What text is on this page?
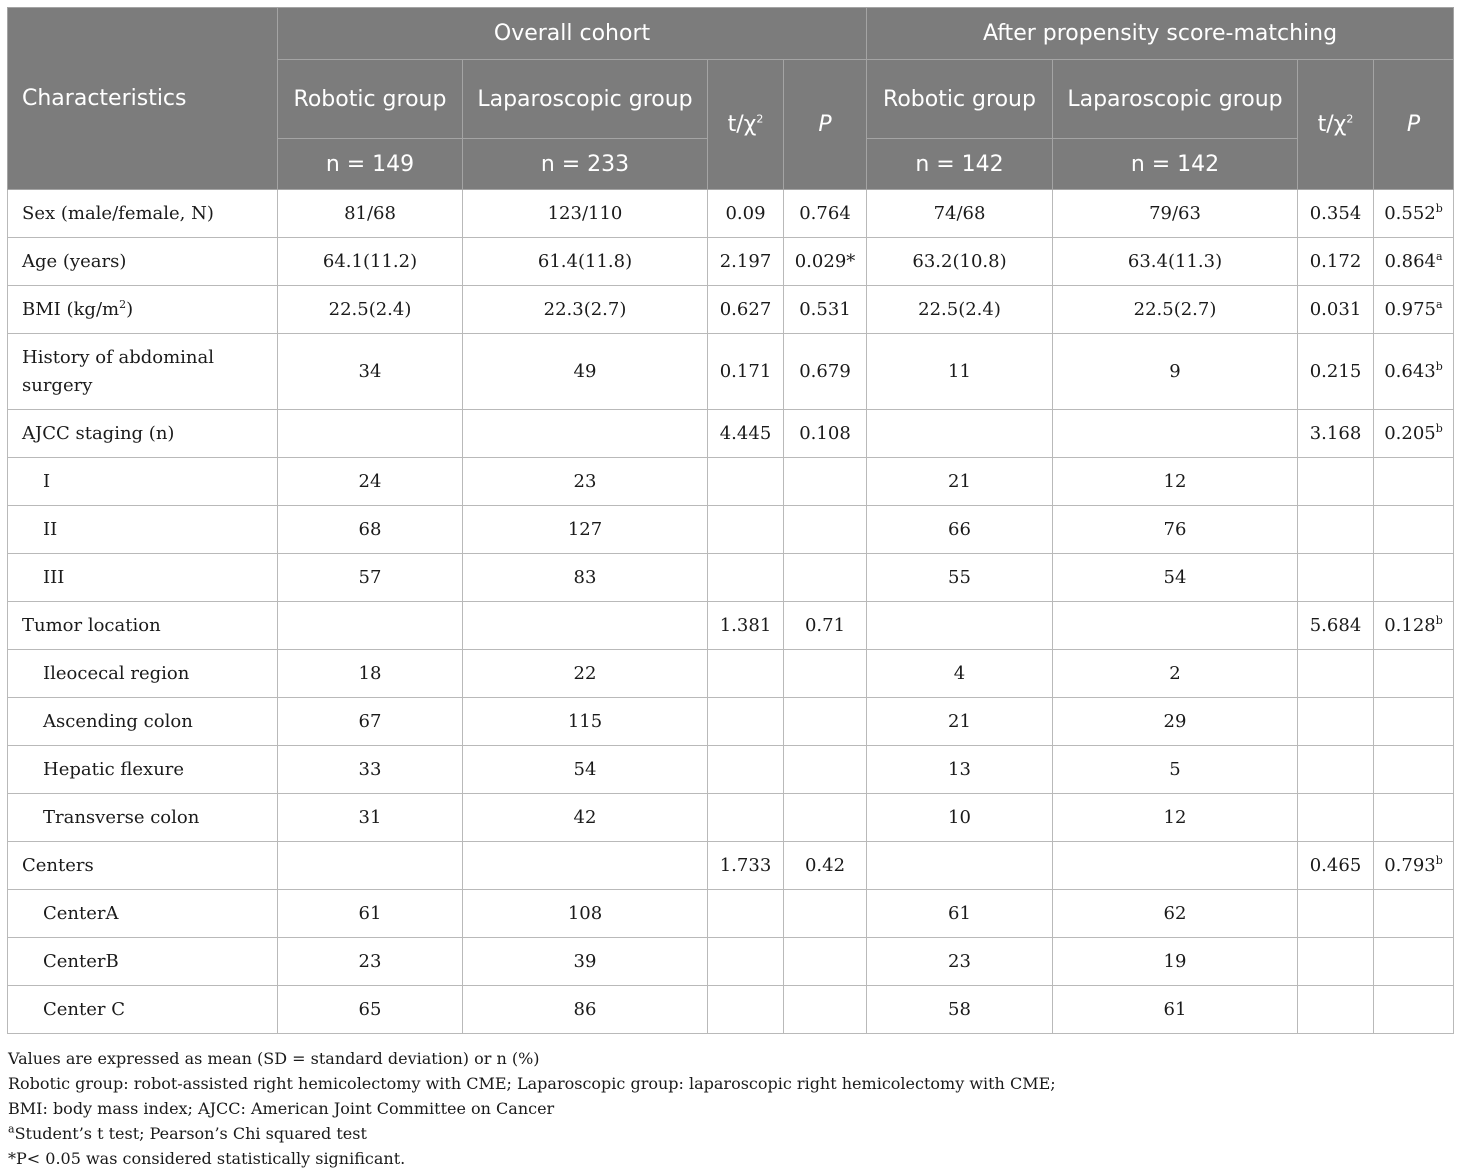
Characteristics	Overall cohort				After propensity score-matching			
	Robotic group	Laparoscopic group	$t/\chi^2$	P	Robotic group	Laparoscopic group	$t/\chi^2$	P
	n = 149	n = 233			n = 142	n = 142		
Sex (male/female, N)	81/68	123/110	0.09	0.764	74/68	79/63	0.354	0.552$^b$
Age (years)	64.1(11.2)	61.4(11.8)	2.197	0.029*	63.2(10.8)	63.4(11.3)	0.172	0.864$^a$
BMI $(kg/m^2)$	22.5(2.4)	22.3(2.7)	0.627	0.531	22.5(2.4)	22.5(2.7)	0.031	0.975$^a$
History of abdominal surgery	34	49	0.171	0.679	11	9	0.215	0.643$^b$
AJCC staging (n)			4.445	0.108			3.168	0.205$^b$
I	24	23			21	12		
II	68	127			66	76		
III	57	83			55	54		
Tumor location			1.381	0.71			5.684	0.128$^b$
Ileocecal region	18	22			4	2		
Ascending colon	67	115			21	29		
Hepatic flexure	33	54			13	5		
Transverse colon	31	42			10	12		
Centers			1.733	0.42			0.465	0.793$^b$
CenterA	61	108			61	62		
CenterB	23	39			23	19		
Center C	65	86			58	61		
Values are expressed as mean (SD = standard deviation) or n (%)
Robotic group: robot-assisted right hemicolectomy with CME; Laparoscopic group: laparoscopic right hemicolectomy with CME;
BMI: body mass index; AJCC: American Joint Committee on Cancer
$^a$Student’s t test; Pearson’s Chi squared test
*P< 0.05 was considered statistically significant.
